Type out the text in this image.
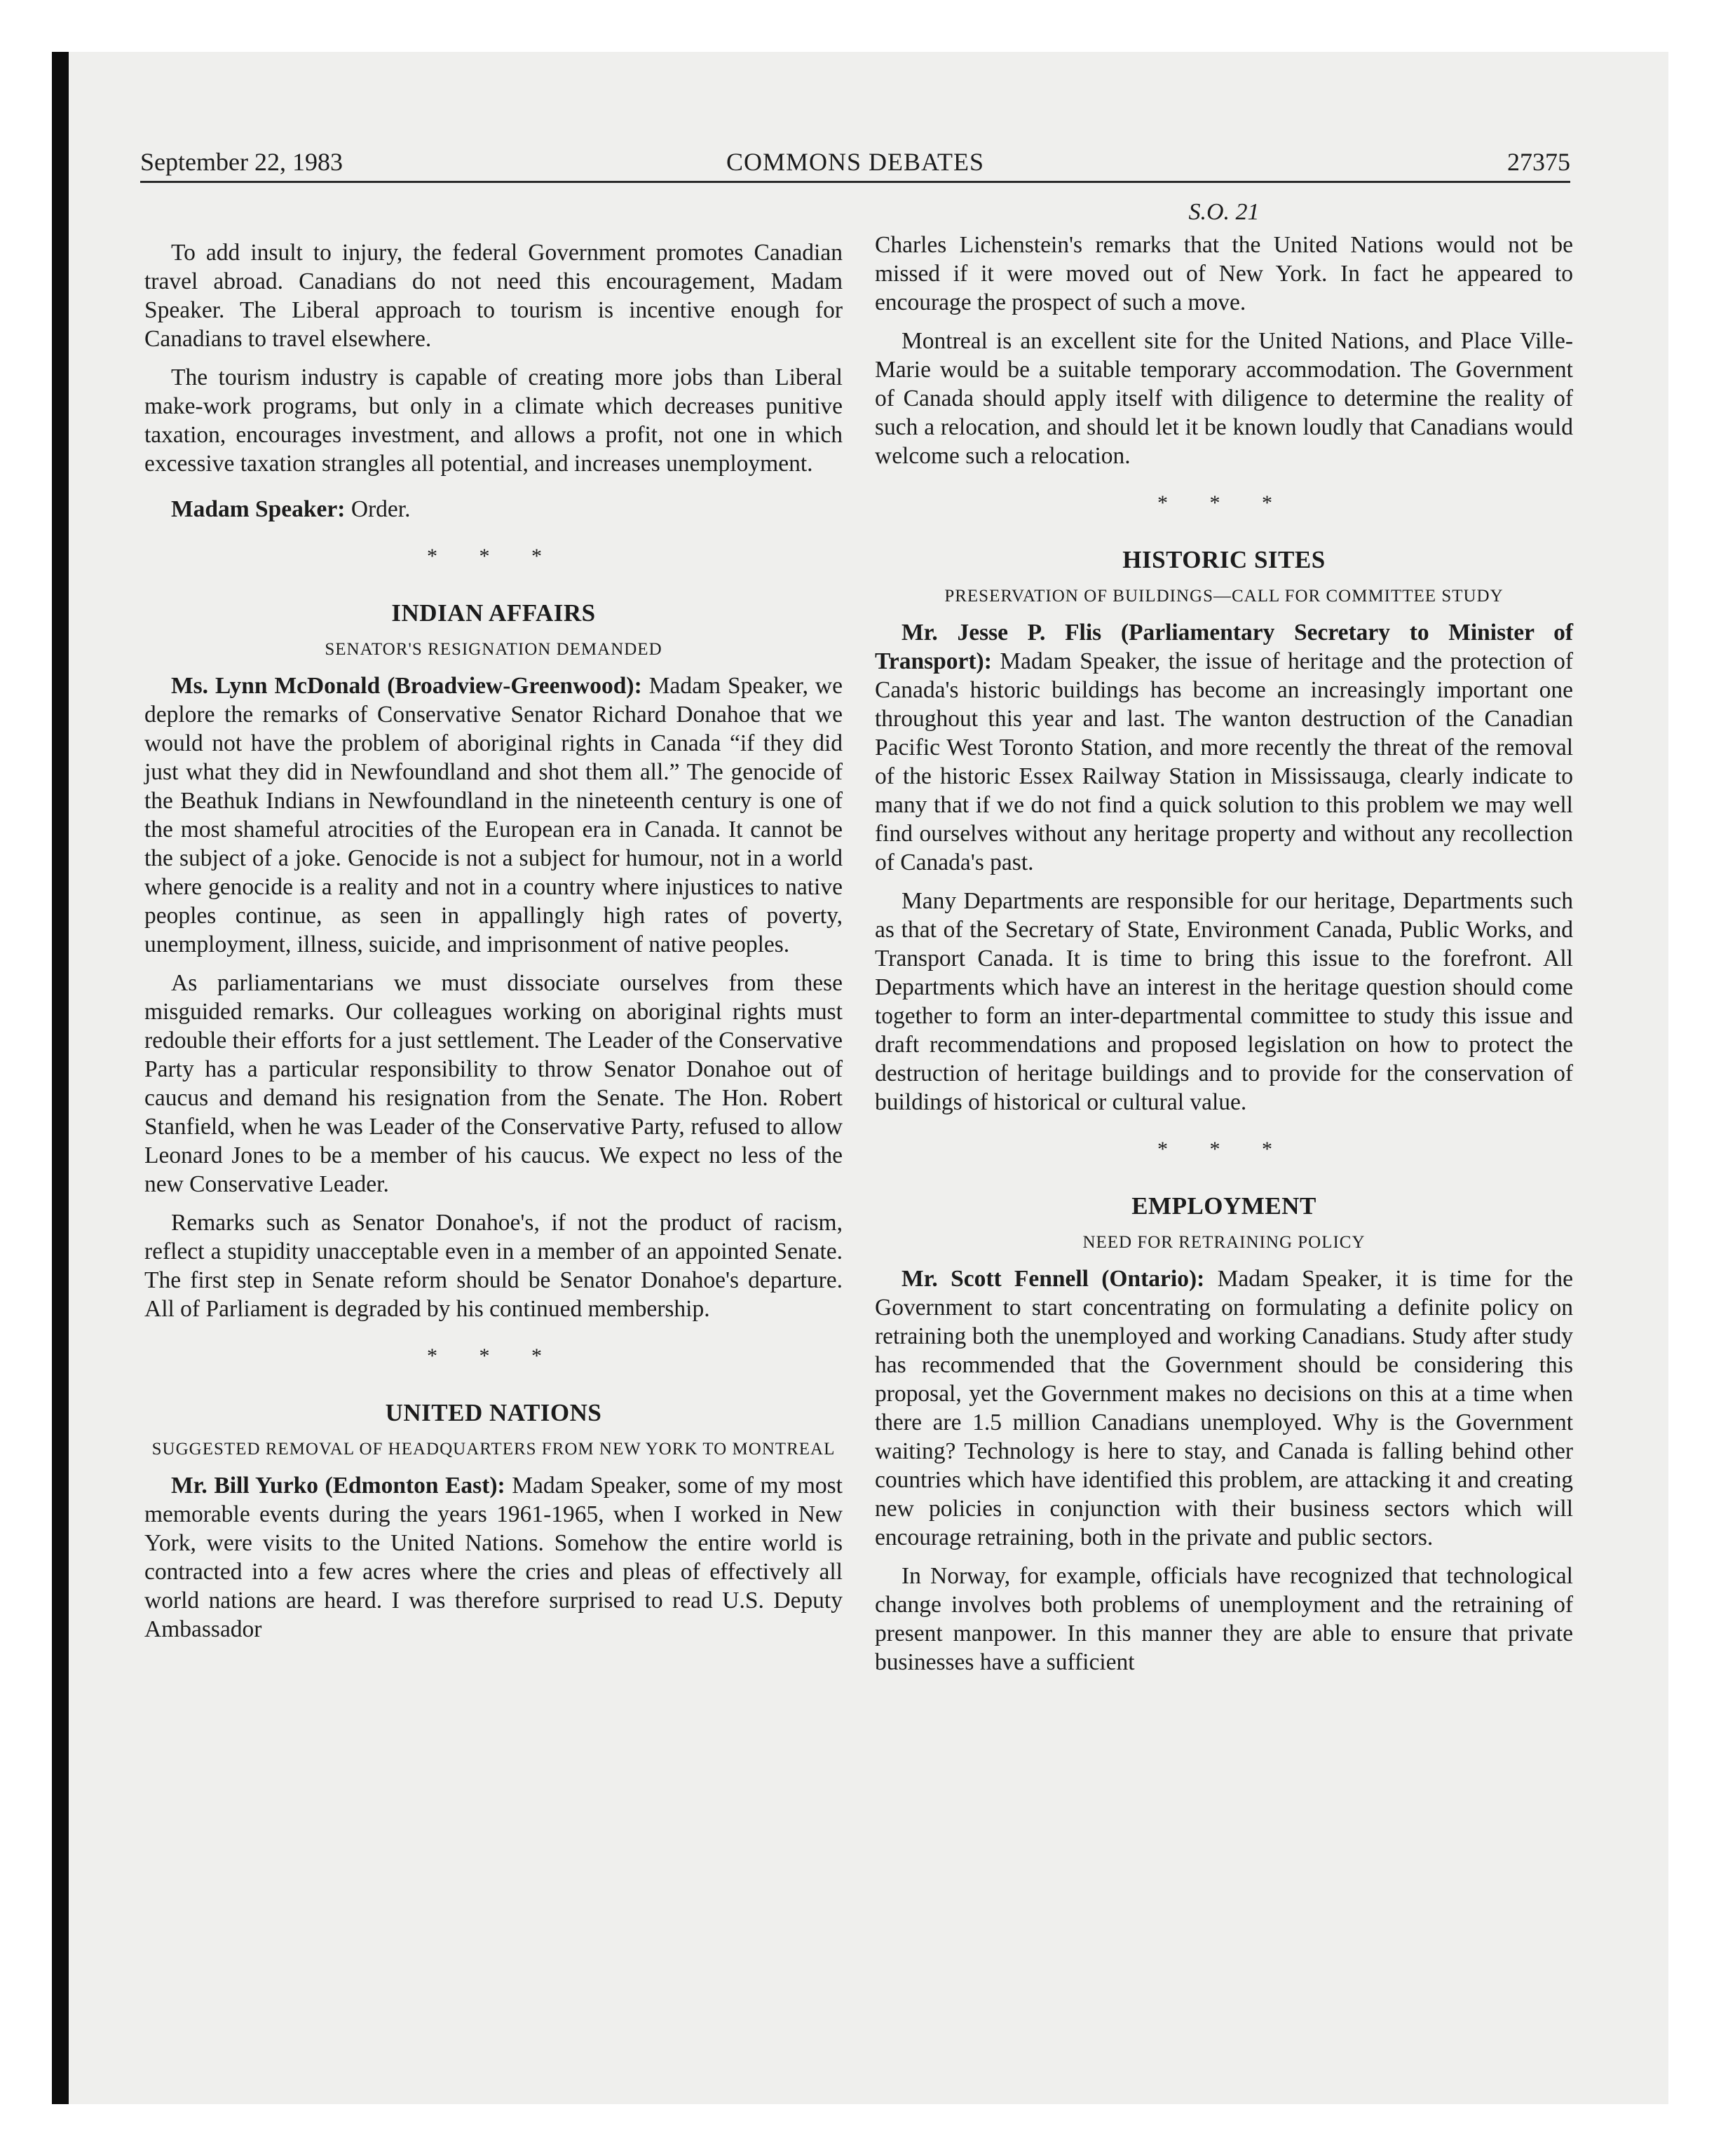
September 22, 1983	COMMONS DEBATES	27375

To add insult to injury, the federal Government promotes Canadian travel abroad. Canadians do not need this encouragement, Madam Speaker. The Liberal approach to tourism is incentive enough for Canadians to travel elsewhere.

The tourism industry is capable of creating more jobs than Liberal make-work programs, but only in a climate which decreases punitive taxation, encourages investment, and allows a profit, not one in which excessive taxation strangles all potential, and increases unemployment.

Madam Speaker: Order.

* * *
INDIAN AFFAIRS
SENATOR'S RESIGNATION DEMANDED

Ms. Lynn McDonald (Broadview-Greenwood): Madam Speaker, we deplore the remarks of Conservative Senator Richard Donahoe that we would not have the problem of aboriginal rights in Canada “if they did just what they did in Newfoundland and shot them all.” The genocide of the Beathuk Indians in Newfoundland in the nineteenth century is one of the most shameful atrocities of the European era in Canada. It cannot be the subject of a joke. Genocide is not a subject for humour, not in a world where genocide is a reality and not in a country where injustices to native peoples continue, as seen in appallingly high rates of poverty, unemployment, illness, suicide, and imprisonment of native peoples.

As parliamentarians we must dissociate ourselves from these misguided remarks. Our colleagues working on aboriginal rights must redouble their efforts for a just settlement. The Leader of the Conservative Party has a particular responsibility to throw Senator Donahoe out of caucus and demand his resignation from the Senate. The Hon. Robert Stanfield, when he was Leader of the Conservative Party, refused to allow Leonard Jones to be a member of his caucus. We expect no less of the new Conservative Leader.

Remarks such as Senator Donahoe's, if not the product of racism, reflect a stupidity unacceptable even in a member of an appointed Senate. The first step in Senate reform should be Senator Donahoe's departure. All of Parliament is degraded by his continued membership.

* * *
UNITED NATIONS
SUGGESTED REMOVAL OF HEADQUARTERS FROM NEW YORK TO MONTREAL

Mr. Bill Yurko (Edmonton East): Madam Speaker, some of my most memorable events during the years 1961-1965, when I worked in New York, were visits to the United Nations. Somehow the entire world is contracted into a few acres where the cries and pleas of effectively all world nations are heard. I was therefore surprised to read U.S. Deputy Ambassador

S.O. 21

Charles Lichenstein's remarks that the United Nations would not be missed if it were moved out of New York. In fact he appeared to encourage the prospect of such a move.

Montreal is an excellent site for the United Nations, and Place Ville-Marie would be a suitable temporary accommodation. The Government of Canada should apply itself with diligence to determine the reality of such a relocation, and should let it be known loudly that Canadians would welcome such a relocation.

* * *
HISTORIC SITES
PRESERVATION OF BUILDINGS—CALL FOR COMMITTEE STUDY

Mr. Jesse P. Flis (Parliamentary Secretary to Minister of Transport): Madam Speaker, the issue of heritage and the protection of Canada's historic buildings has become an increasingly important one throughout this year and last. The wanton destruction of the Canadian Pacific West Toronto Station, and more recently the threat of the removal of the historic Essex Railway Station in Mississauga, clearly indicate to many that if we do not find a quick solution to this problem we may well find ourselves without any heritage property and without any recollection of Canada's past.

Many Departments are responsible for our heritage, Departments such as that of the Secretary of State, Environment Canada, Public Works, and Transport Canada. It is time to bring this issue to the forefront. All Departments which have an interest in the heritage question should come together to form an inter-departmental committee to study this issue and draft recommendations and proposed legislation on how to protect the destruction of heritage buildings and to provide for the conservation of buildings of historical or cultural value.

* * *
EMPLOYMENT
NEED FOR RETRAINING POLICY

Mr. Scott Fennell (Ontario): Madam Speaker, it is time for the Government to start concentrating on formulating a definite policy on retraining both the unemployed and working Canadians. Study after study has recommended that the Government should be considering this proposal, yet the Government makes no decisions on this at a time when there are 1.5 million Canadians unemployed. Why is the Government waiting? Technology is here to stay, and Canada is falling behind other countries which have identified this problem, are attacking it and creating new policies in conjunction with their business sectors which will encourage retraining, both in the private and public sectors.

In Norway, for example, officials have recognized that technological change involves both problems of unemployment and the retraining of present manpower. In this manner they are able to ensure that private businesses have a sufficient
